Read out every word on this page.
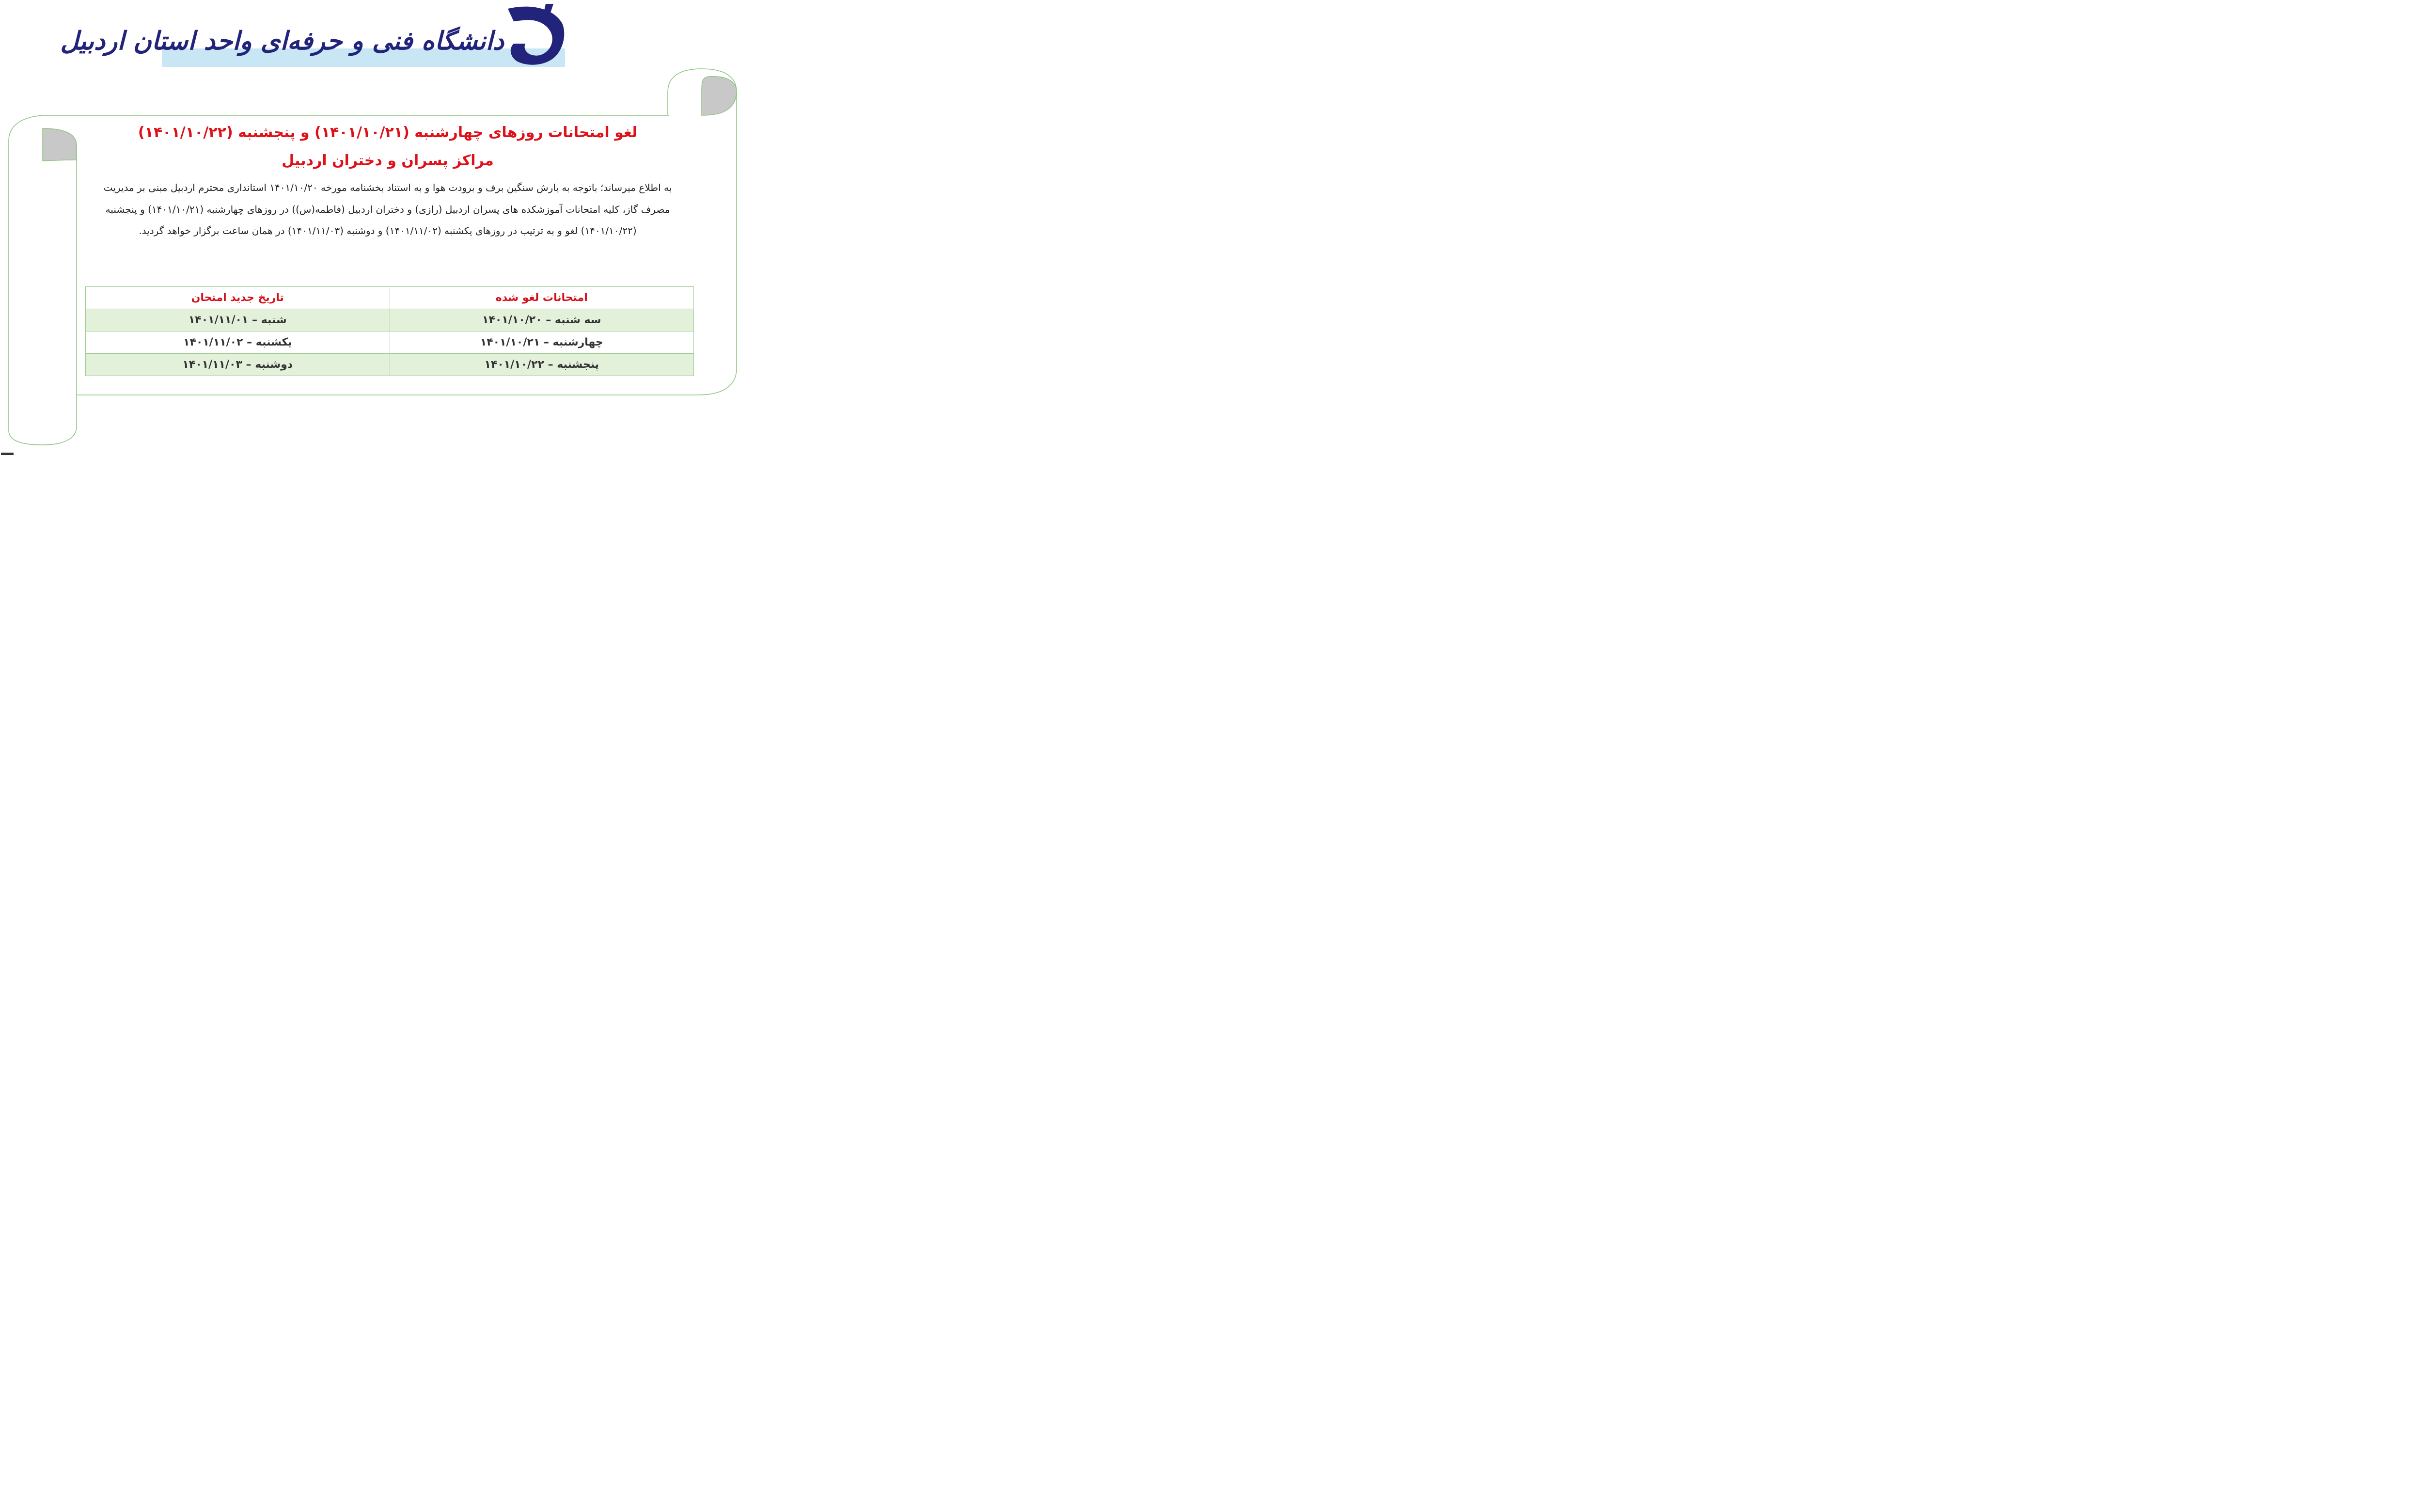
دانشگاه فنی و حرفه‌ای واحد استان اردبیل
لغو امتحانات روزهای چهارشنبه (۱۴۰۱/۱۰/۲۱) و پنجشنبه (۱۴۰۱/۱۰/۲۲)
مراکز پسران و دختران اردبیل
به اطلاع میرساند؛ باتوجه به بارش سنگین برف و برودت هوا و به استناد بخشنامه مورخه ۱۴۰۱/۱۰/۲۰ استانداری محترم اردبیل مبنی بر مدیریت مصرف گاز، کلیه امتحانات آموزشکده های پسران اردبیل (رازی) و دختران اردبیل (فاطمه(س)) در روزهای چهارشنبه (۱۴۰۱/۱۰/۲۱) و پنجشنبه (۱۴۰۱/۱۰/۲۲) لغو و به ترتیب در روزهای یکشنبه (۱۴۰۱/۱۱/۰۲) و دوشنبه (۱۴۰۱/۱۱/۰۳) در همان ساعت برگزار خواهد گردید.
امتحانات لغو شده	تاریخ جدید امتحان
سه شنبه – ۱۴۰۱/۱۰/۲۰	شنبه – ۱۴۰۱/۱۱/۰۱
چهارشنبه – ۱۴۰۱/۱۰/۲۱	یکشنبه – ۱۴۰۱/۱۱/۰۲
پنجشنبه – ۱۴۰۱/۱۰/۲۲	دوشنبه – ۱۴۰۱/۱۱/۰۳
